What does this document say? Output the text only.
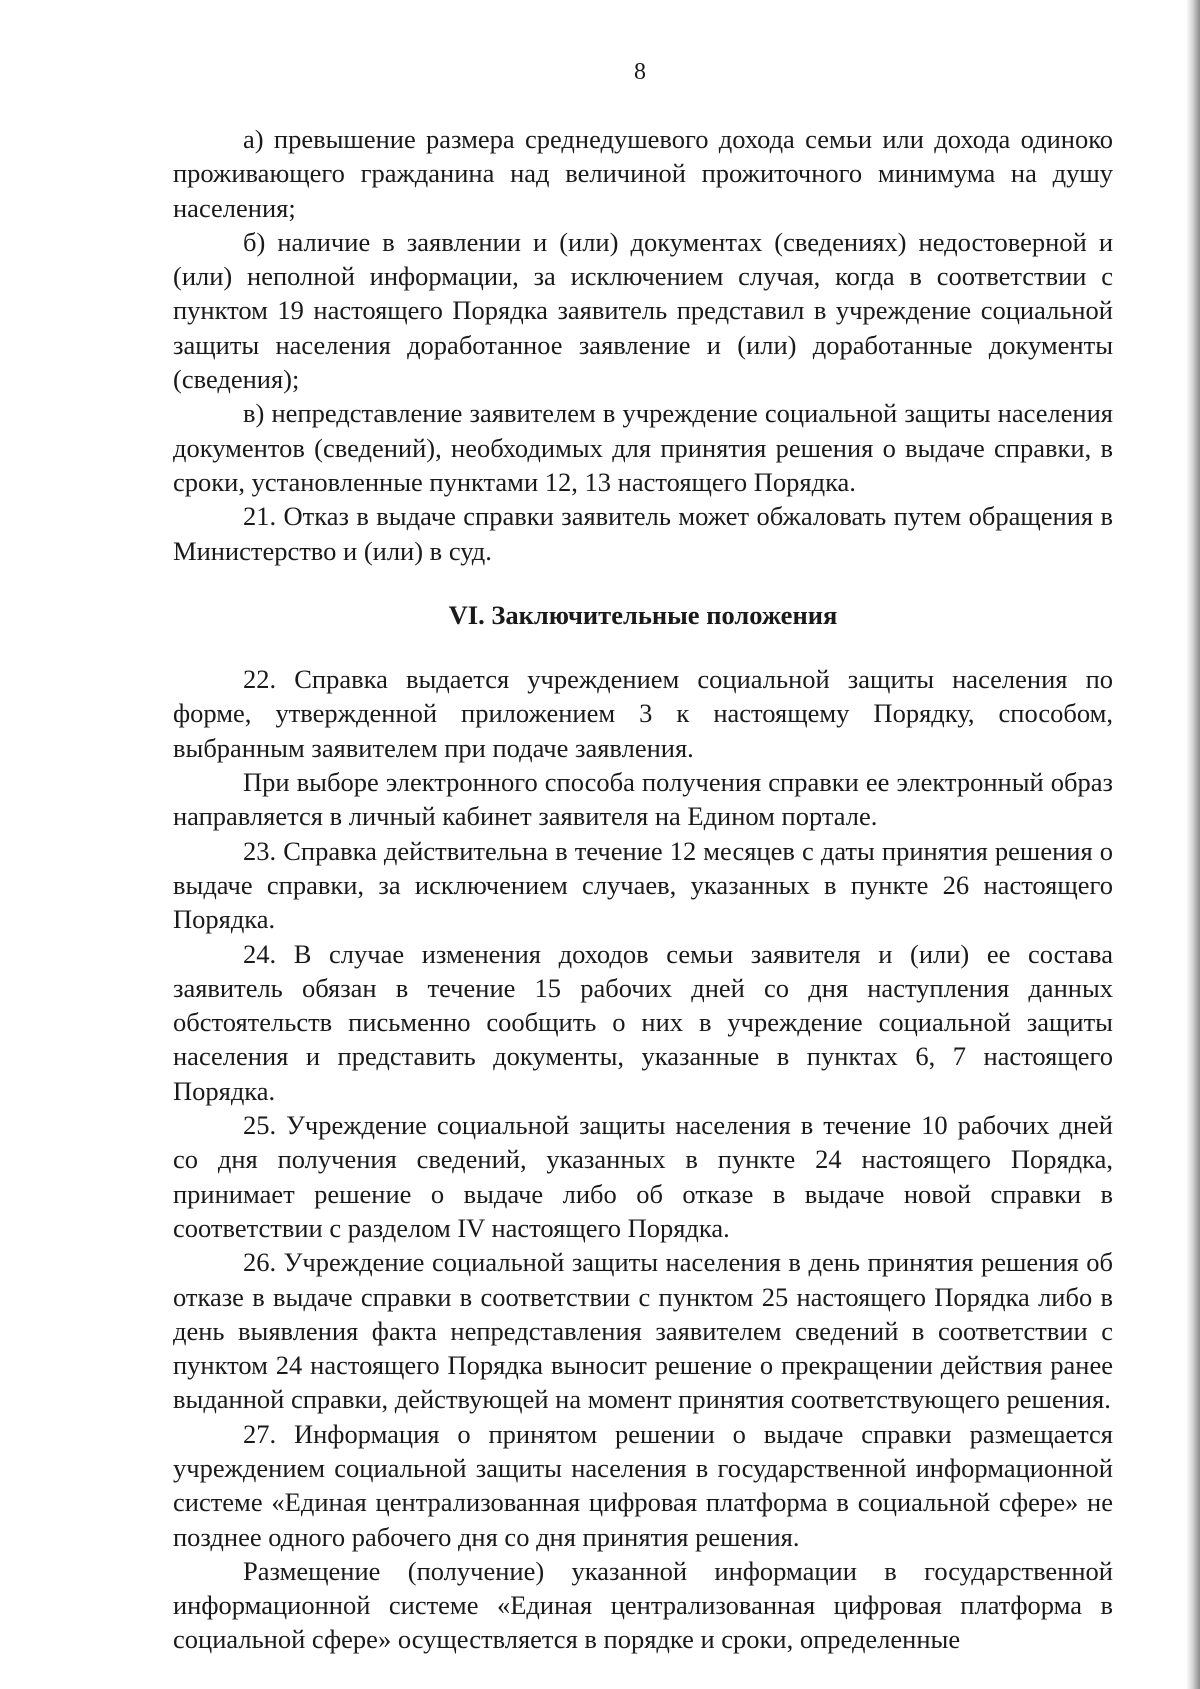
8

а) превышение размера среднедушевого дохода семьи или дохода одиноко проживающего гражданина над величиной прожиточного минимума на душу населения;

б) наличие в заявлении и (или) документах (сведениях) недостоверной и (или) неполной информации, за исключением случая, когда в соответствии с пунктом 19 настоящего Порядка заявитель представил в учреждение социальной защиты населения доработанное заявление и (или) доработанные документы (сведения);

в) непредставление заявителем в учреждение социальной защиты населения документов (сведений), необходимых для принятия решения о выдаче справки, в сроки, установленные пунктами 12, 13 настоящего Порядка.

21. Отказ в выдаче справки заявитель может обжаловать путем обращения в Министерство и (или) в суд.

VI. Заключительные положения

22. Справка выдается учреждением социальной защиты населения по форме, утвержденной приложением 3 к настоящему Порядку, способом, выбранным заявителем при подаче заявления.

При выборе электронного способа получения справки ее электронный образ направляется в личный кабинет заявителя на Едином портале.

23. Справка действительна в течение 12 месяцев с даты принятия решения о выдаче справки, за исключением случаев, указанных в пункте 26 настоящего Порядка.

24. В случае изменения доходов семьи заявителя и (или) ее состава заявитель обязан в течение 15 рабочих дней со дня наступления данных обстоятельств письменно сообщить о них в учреждение социальной защиты населения и представить документы, указанные в пунктах 6, 7 настоящего Порядка.

25. Учреждение социальной защиты населения в течение 10 рабочих дней со дня получения сведений, указанных в пункте 24 настоящего Порядка, принимает решение о выдаче либо об отказе в выдаче новой справки в соответствии с разделом IV настоящего Порядка.

26. Учреждение социальной защиты населения в день принятия решения об отказе в выдаче справки в соответствии с пунктом 25 настоящего Порядка либо в день выявления факта непредставления заявителем сведений в соответствии с пунктом 24 настоящего Порядка выносит решение о прекращении действия ранее выданной справки, действующей на момент принятия соответствующего решения.

27. Информация о принятом решении о выдаче справки размещается учреждением социальной защиты населения в государственной информационной системе «Единая централизованная цифровая платформа в социальной сфере» не позднее одного рабочего дня со дня принятия решения.

Размещение (получение) указанной информации в государственной информационной системе «Единая централизованная цифровая платформа в социальной сфере» осуществляется в порядке и сроки, определенные
